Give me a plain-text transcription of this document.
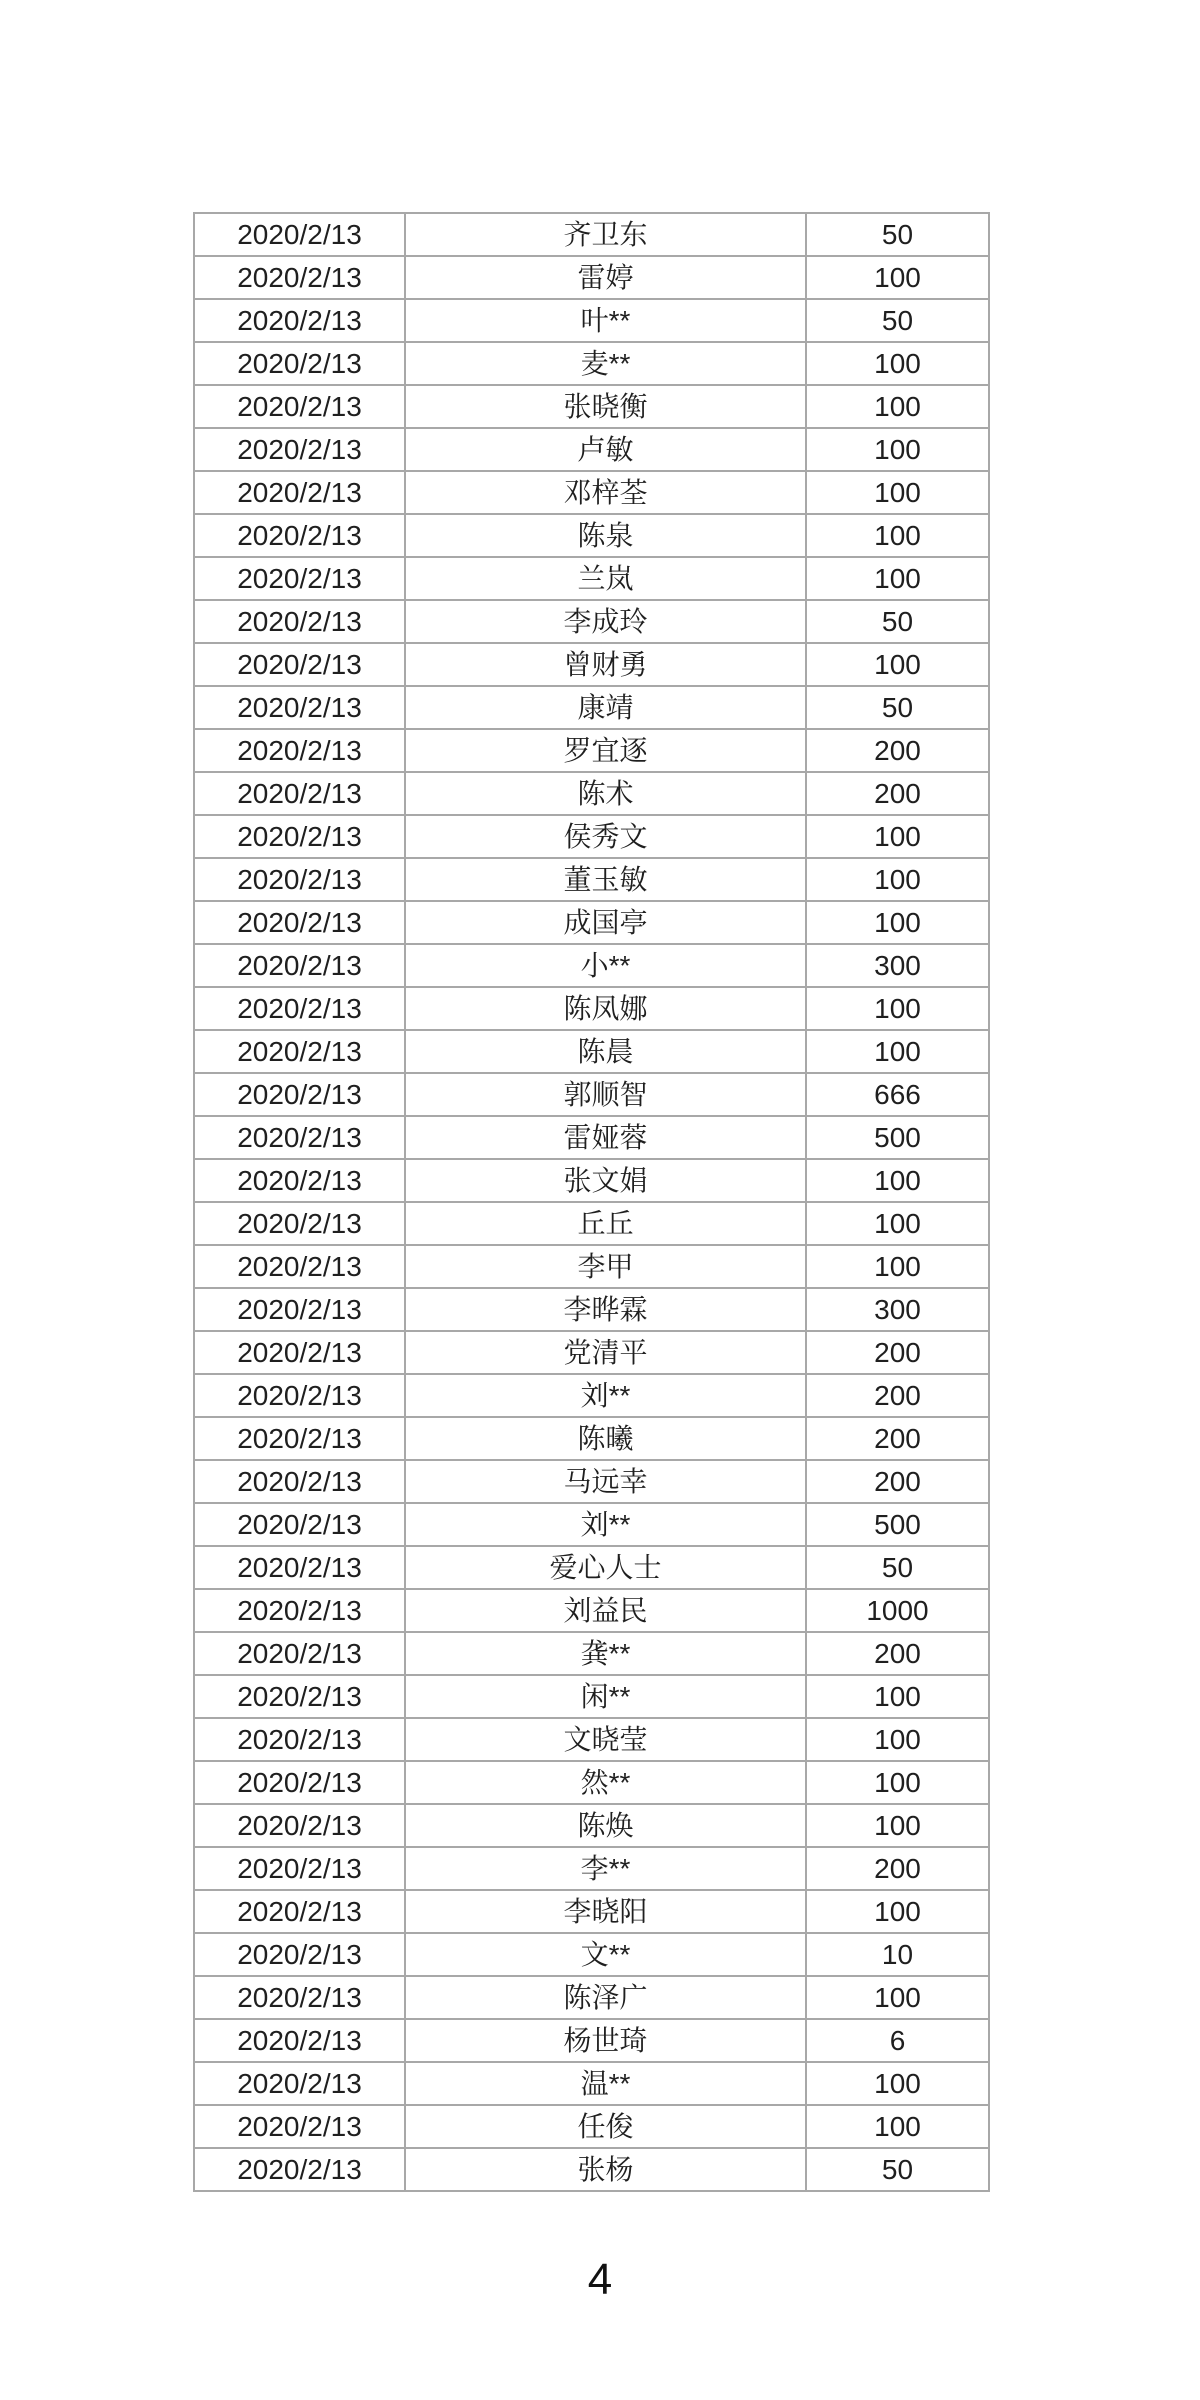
2020/2/13	齐卫东	50
2020/2/13	雷婷	100
2020/2/13	叶**	50
2020/2/13	麦**	100
2020/2/13	张晓衡	100
2020/2/13	卢敏	100
2020/2/13	邓梓荃	100
2020/2/13	陈泉	100
2020/2/13	兰岚	100
2020/2/13	李成玲	50
2020/2/13	曾财勇	100
2020/2/13	康靖	50
2020/2/13	罗宜逐	200
2020/2/13	陈术	200
2020/2/13	侯秀文	100
2020/2/13	董玉敏	100
2020/2/13	成国亭	100
2020/2/13	小**	300
2020/2/13	陈凤娜	100
2020/2/13	陈晨	100
2020/2/13	郭顺智	666
2020/2/13	雷娅蓉	500
2020/2/13	张文娟	100
2020/2/13	丘丘	100
2020/2/13	李甲	100
2020/2/13	李晔霖	300
2020/2/13	党清平	200
2020/2/13	刘**	200
2020/2/13	陈曦	200
2020/2/13	马远幸	200
2020/2/13	刘**	500
2020/2/13	爱心人士	50
2020/2/13	刘益民	1000
2020/2/13	龚**	200
2020/2/13	闲**	100
2020/2/13	文晓莹	100
2020/2/13	然**	100
2020/2/13	陈焕	100
2020/2/13	李**	200
2020/2/13	李晓阳	100
2020/2/13	文**	10
2020/2/13	陈泽广	100
2020/2/13	杨世琦	6
2020/2/13	温**	100
2020/2/13	任俊	100
2020/2/13	张杨	50
4
